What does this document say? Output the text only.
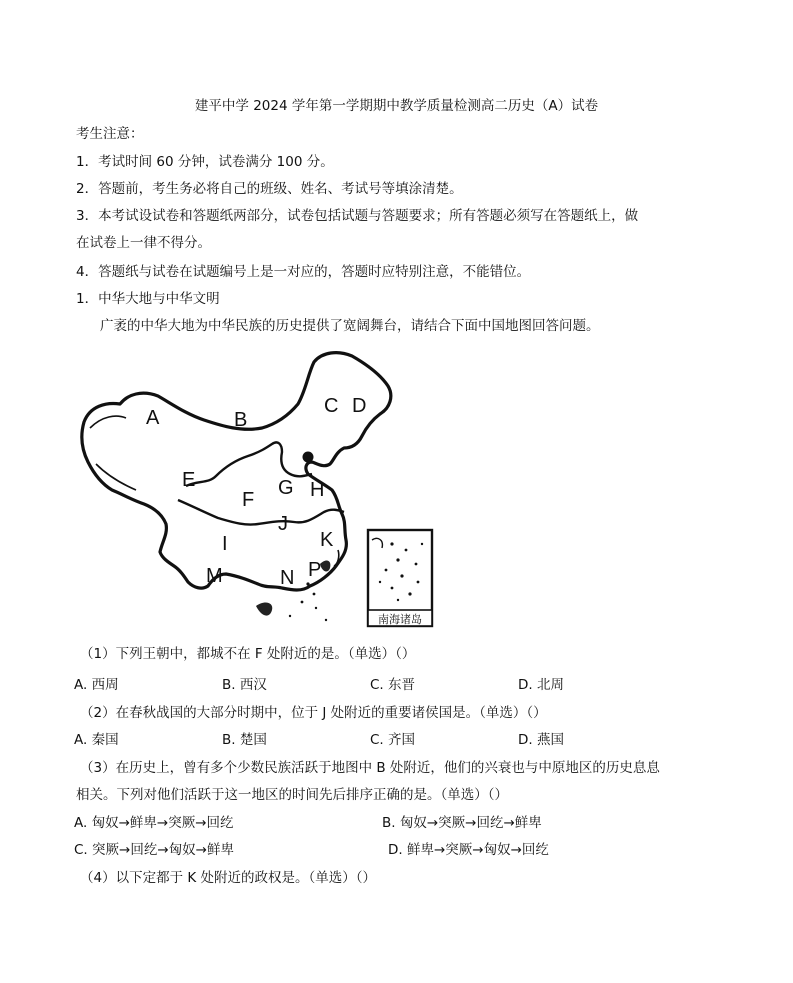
建平中学 2024 学年第一学期期中教学质量检测高二历史（A）试卷
考生注意：
1．考试时间 60 分钟，试卷满分 100 分。
2．答题前，考生务必将自己的班级、姓名、考试号等填涂清楚。
3．本考试设试卷和答题纸两部分，试卷包括试题与答题要求；所有答题必须写在答题纸上，做
在试卷上一律不得分。
4．答题纸与试卷在试题编号上是一对应的，答题时应特别注意，不能错位。
1．中华大地与中华文明
广袤的中华大地为中华民族的历史提供了宽阔舞台，请结合下面中国地图回答问题。
A	B
C D
E
F
G H
I
J
K
M	N P
南海诸岛
（1）下列王朝中，都城不在 F 处附近的是。（单选）（）
A. 西周	B. 西汉	C. 东晋	D. 北周
（2）在春秋战国的大部分时期中，位于 J 处附近的重要诸侯国是。（单选）（）
A. 秦国	B. 楚国	C. 齐国	D. 燕国
（3）在历史上，曾有多个少数民族活跃于地图中 B 处附近，他们的兴衰也与中原地区的历史息息
相关。下列对他们活跃于这一地区的时间先后排序正确的是。（单选）（）
A. 匈奴→鲜卑→突厥→回纥	B. 匈奴→突厥→回纥→鲜卑
C. 突厥→回纥→匈奴→鲜卑	D. 鲜卑→突厥→匈奴→回纥
（4）以下定都于 K 处附近的政权是。（单选）（）
